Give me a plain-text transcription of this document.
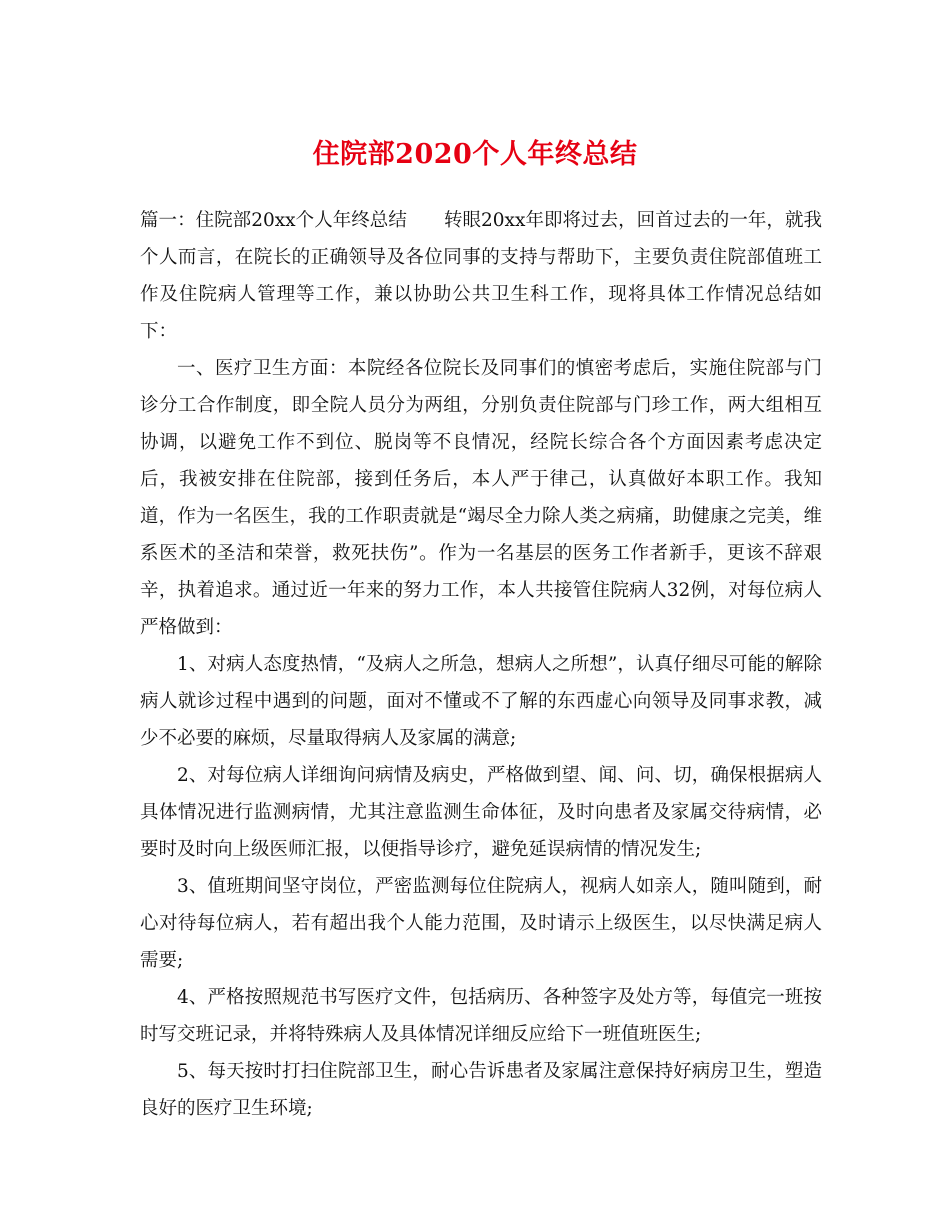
住院部2020个人年终总结

篇一：住院部20xx个人年终总结　　转眼20xx年即将过去，回首过去的一年，就我个人而言，在院长的正确领导及各位同事的支持与帮助下，主要负责住院部值班工作及住院病人管理等工作，兼以协助公共卫生科工作，现将具体工作情况总结如下：

一、医疗卫生方面：本院经各位院长及同事们的慎密考虑后，实施住院部与门诊分工合作制度，即全院人员分为两组，分别负责住院部与门珍工作，两大组相互协调，以避免工作不到位、脱岗等不良情况，经院长综合各个方面因素考虑决定后，我被安排在住院部，接到任务后，本人严于律己，认真做好本职工作。我知道，作为一名医生，我的工作职责就是“竭尽全力除人类之病痛，助健康之完美，维系医术的圣洁和荣誉，救死扶伤”。作为一名基层的医务工作者新手，更该不辞艰辛，执着追求。通过近一年来的努力工作，本人共接管住院病人32例，对每位病人严格做到：

1、对病人态度热情，“及病人之所急，想病人之所想”，认真仔细尽可能的解除病人就诊过程中遇到的问题，面对不懂或不了解的东西虚心向领导及同事求教，减少不必要的麻烦，尽量取得病人及家属的满意;

2、对每位病人详细询问病情及病史，严格做到望、闻、问、切，确保根据病人具体情况进行监测病情，尤其注意监测生命体征，及时向患者及家属交待病情，必要时及时向上级医师汇报，以便指导诊疗，避免延误病情的情况发生;

3、值班期间坚守岗位，严密监测每位住院病人，视病人如亲人，随叫随到，耐心对待每位病人，若有超出我个人能力范围，及时请示上级医生，以尽快满足病人需要;

4、严格按照规范书写医疗文件，包括病历、各种签字及处方等，每值完一班按时写交班记录，并将特殊病人及具体情况详细反应给下一班值班医生;

5、每天按时打扫住院部卫生，耐心告诉患者及家属注意保持好病房卫生，塑造良好的医疗卫生环境;
